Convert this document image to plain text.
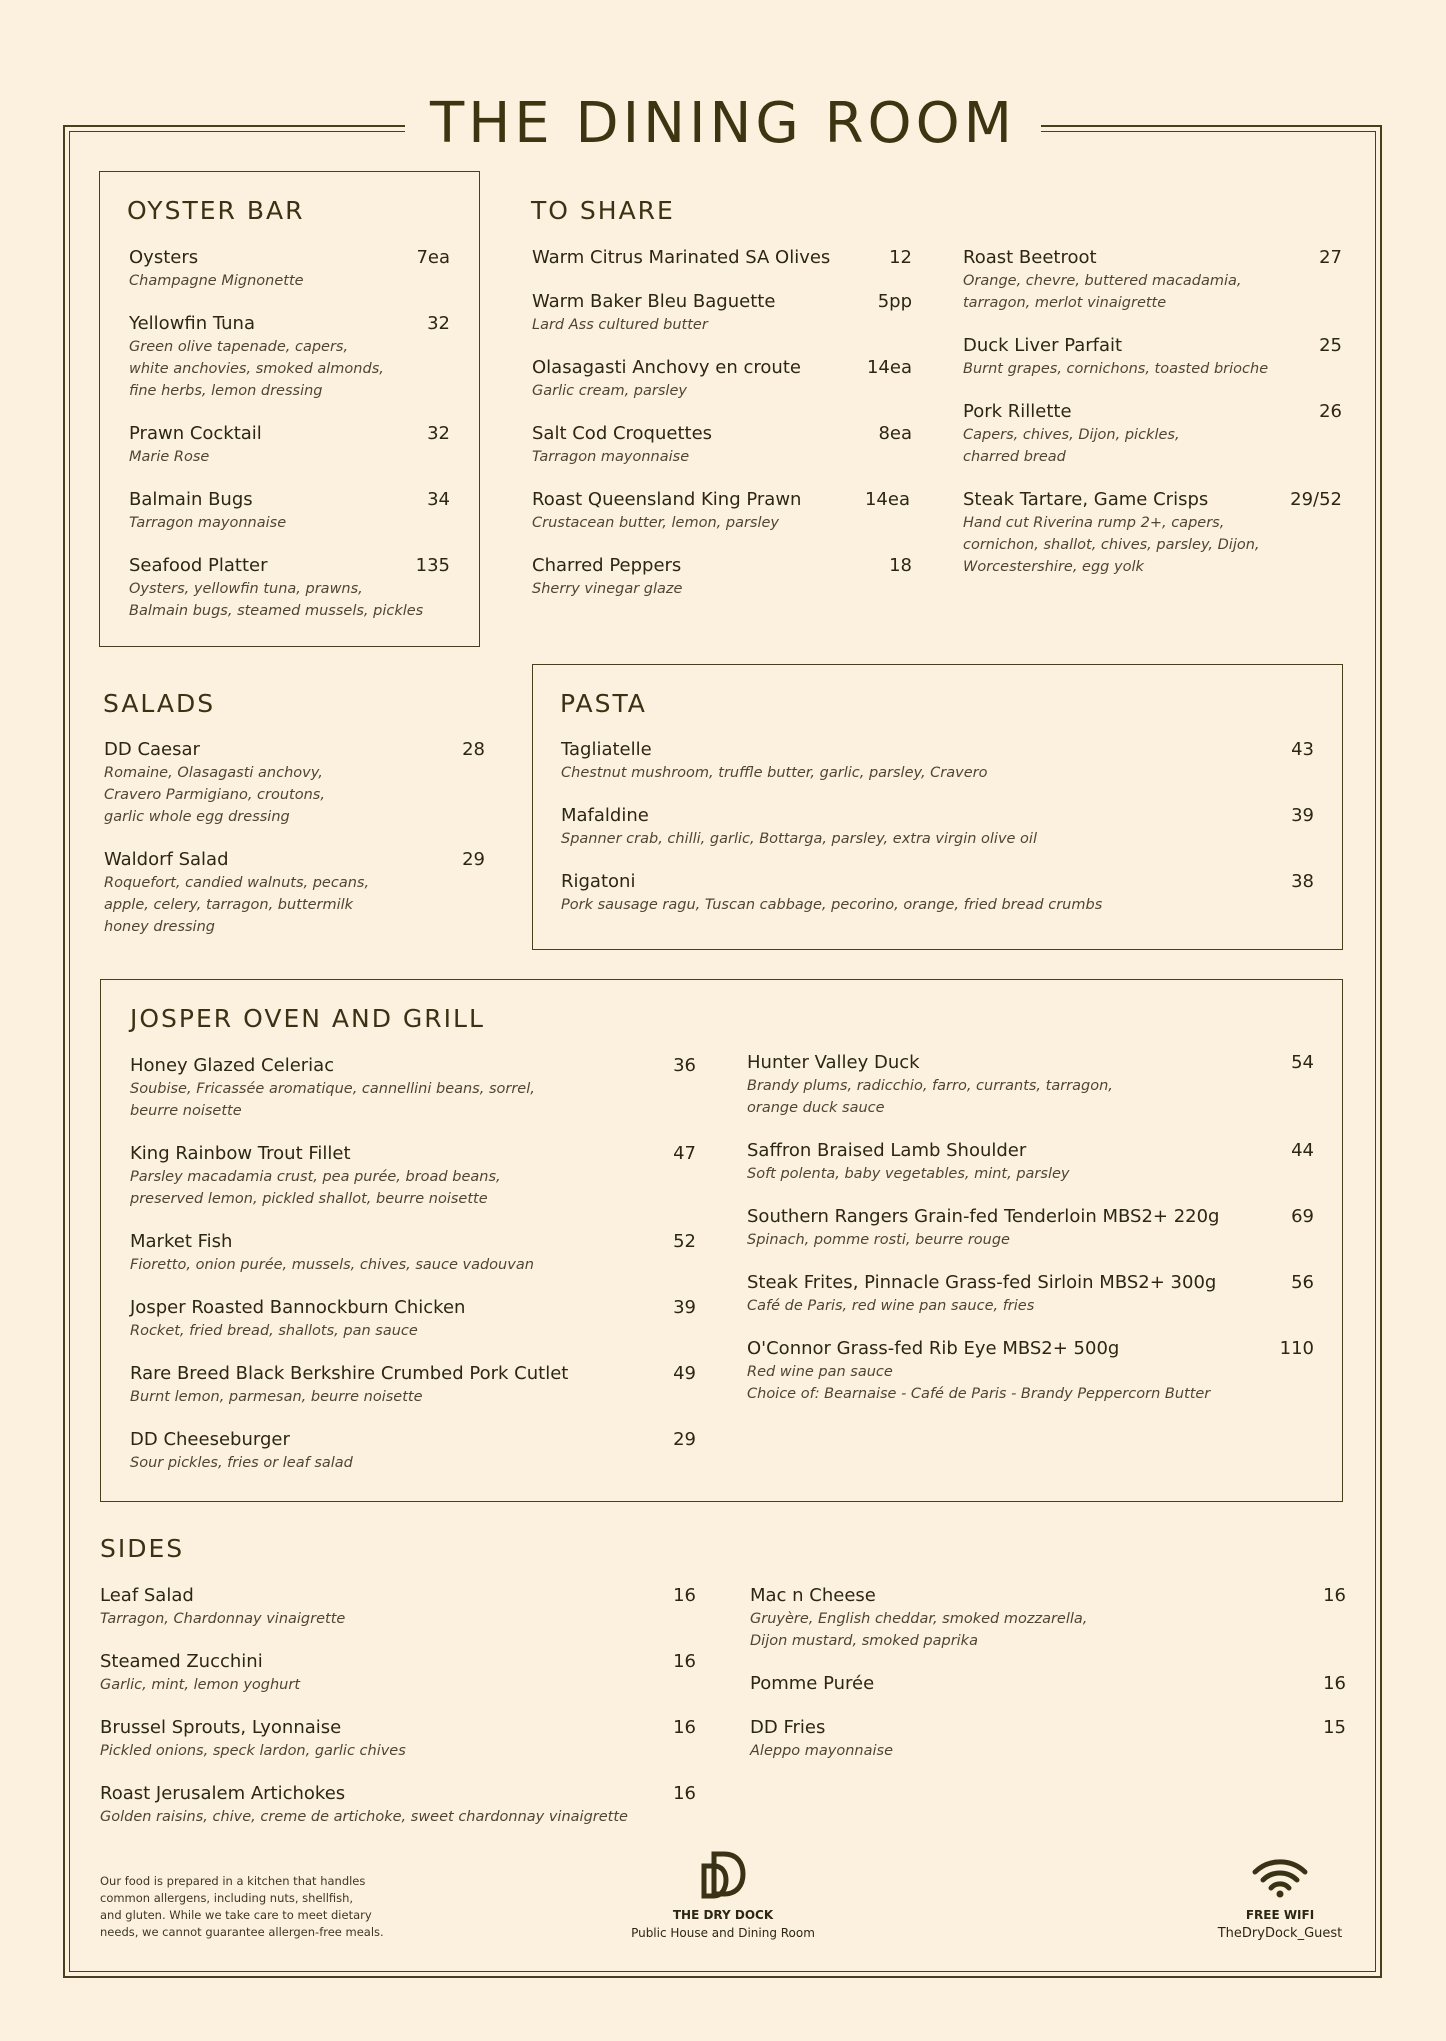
THE DINING ROOM
OYSTER BAR	TO SHARE
SALADS	PASTA
JOSPER OVEN AND GRILL
SIDES
Oysters	7ea
Champagne Mignonette
Yellowfin Tuna	32
Green olive tapenade, capers,
white anchovies, smoked almonds,
fine herbs, lemon dressing
Prawn Cocktail	32
Marie Rose
Balmain Bugs	34
Tarragon mayonnaise
Seafood Platter	135
Oysters, yellowfin tuna, prawns,
Balmain bugs, steamed mussels, pickles
Warm Citrus Marinated SA Olives	12
Warm Baker Bleu Baguette	5pp
Lard Ass cultured butter
Olasagasti Anchovy en croute	14ea
Garlic cream, parsley
Salt Cod Croquettes	8ea
Tarragon mayonnaise
Roast Queensland King Prawn	14ea
Crustacean butter, lemon, parsley
Charred Peppers	18
Sherry vinegar glaze
Roast Beetroot	27
Orange, chevre, buttered macadamia,
tarragon, merlot vinaigrette
Duck Liver Parfait	25
Burnt grapes, cornichons, toasted brioche
Pork Rillette	26
Capers, chives, Dijon, pickles,
charred bread
Steak Tartare, Game Crisps	29/52
Hand cut Riverina rump 2+, capers,
cornichon, shallot, chives, parsley, Dijon,
Worcestershire, egg yolk
DD Caesar	28
Romaine, Olasagasti anchovy,
Cravero Parmigiano, croutons,
garlic whole egg dressing
Waldorf Salad	29
Roquefort, candied walnuts, pecans,
apple, celery, tarragon, buttermilk
honey dressing
Tagliatelle	43
Chestnut mushroom, truffle butter, garlic, parsley, Cravero
Mafaldine	39
Spanner crab, chilli, garlic, Bottarga, parsley, extra virgin olive oil
Rigatoni	38
Pork sausage ragu, Tuscan cabbage, pecorino, orange, fried bread crumbs
Honey Glazed Celeriac	36
Soubise, Fricassée aromatique, cannellini beans, sorrel,
beurre noisette
King Rainbow Trout Fillet	47
Parsley macadamia crust, pea purée, broad beans,
preserved lemon, pickled shallot, beurre noisette
Market Fish	52
Fioretto, onion purée, mussels, chives, sauce vadouvan
Josper Roasted Bannockburn Chicken	39
Rocket, fried bread, shallots, pan sauce
Rare Breed Black Berkshire Crumbed Pork Cutlet	49
Burnt lemon, parmesan, beurre noisette
DD Cheeseburger	29
Sour pickles, fries or leaf salad
Hunter Valley Duck	54
Brandy plums, radicchio, farro, currants, tarragon,
orange duck sauce
Saffron Braised Lamb Shoulder	44
Soft polenta, baby vegetables, mint, parsley
Southern Rangers Grain-fed Tenderloin MBS2+ 220g	69
Spinach, pomme rosti, beurre rouge
Steak Frites, Pinnacle Grass-fed Sirloin MBS2+ 300g	56
Café de Paris, red wine pan sauce, fries
O'Connor Grass-fed Rib Eye MBS2+ 500g	110
Red wine pan sauce
Choice of: Bearnaise - Café de Paris - Brandy Peppercorn Butter
Leaf Salad	16
Tarragon, Chardonnay vinaigrette
Steamed Zucchini	16
Garlic, mint, lemon yoghurt
Brussel Sprouts, Lyonnaise	16
Pickled onions, speck lardon, garlic chives
Roast Jerusalem Artichokes	16
Golden raisins, chive, creme de artichoke, sweet chardonnay vinaigrette
Mac n Cheese	16
Gruyère, English cheddar, smoked mozzarella,
Dijon mustard, smoked paprika
Pomme Purée	16
DD Fries	15
Aleppo mayonnaise
Our food is prepared in a kitchen that handles
common allergens, including nuts, shellfish,
and gluten. While we take care to meet dietary
needs, we cannot guarantee allergen-free meals.
THE DRY DOCK
Public House and Dining Room
FREE WIFI
TheDryDock_Guest
